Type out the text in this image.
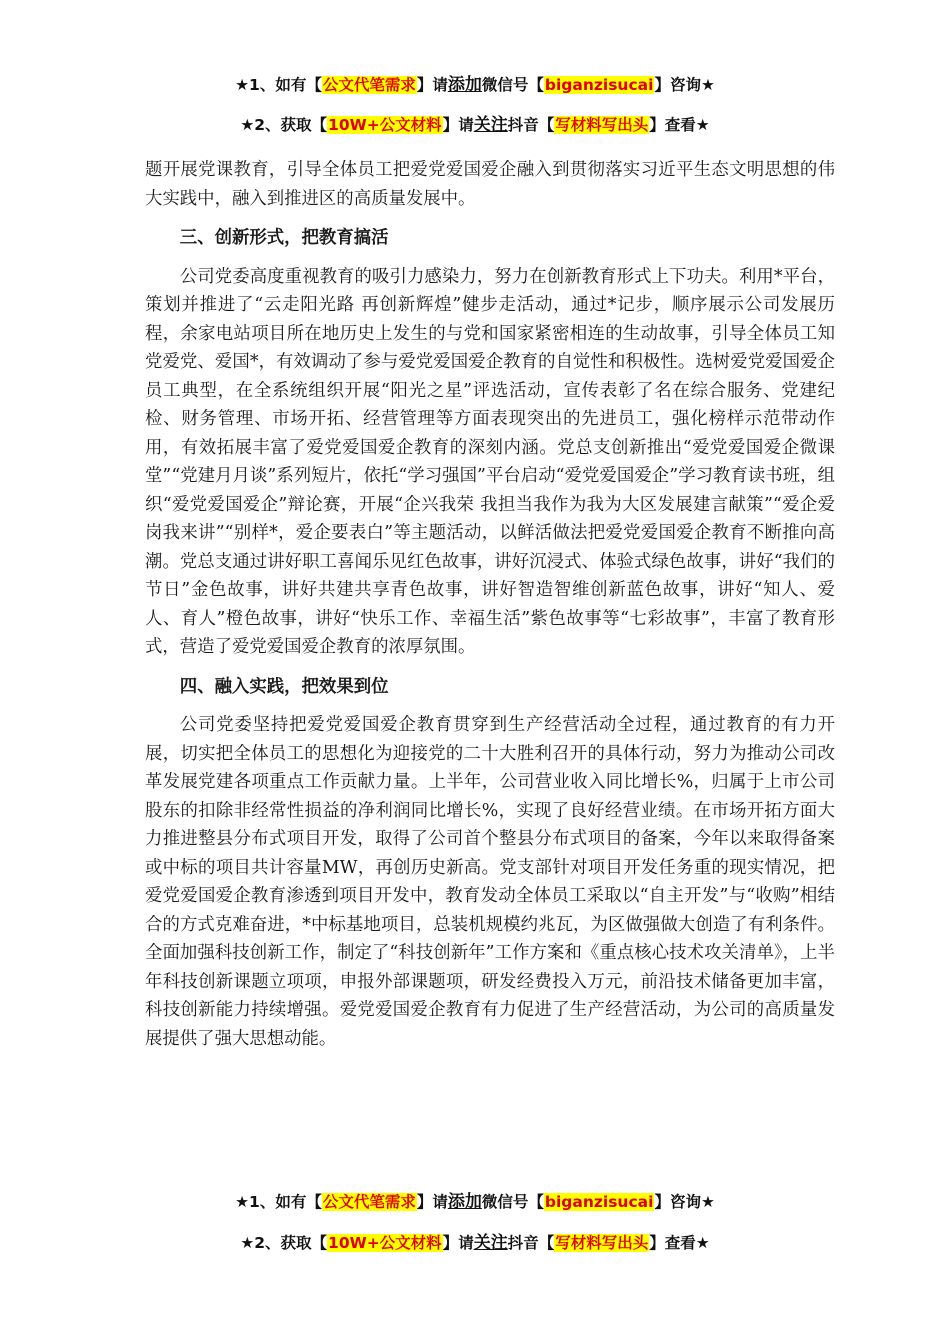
★1、如有【公文代笔需求】请添加微信号【biganzisucai】咨询★
★2、获取【10W+公文材料】请关注抖音【写材料写出头】查看★

题开展党课教育，引导全体员工把爱党爱国爱企融入到贯彻落实习近平生态文明思想的伟大实践中，融入到推进区的高质量发展中。

三、创新形式，把教育搞活

公司党委高度重视教育的吸引力感染力，努力在创新教育形式上下功夫。利用*平台，策划并推进了“云走阳光路 再创新辉煌”健步走活动，通过*记步，顺序展示公司发展历程，余家电站项目所在地历史上发生的与党和国家紧密相连的生动故事，引导全体员工知党爱党、爱国*，有效调动了参与爱党爱国爱企教育的自觉性和积极性。选树爱党爱国爱企员工典型，在全系统组织开展“阳光之星”评选活动，宣传表彰了名在综合服务、党建纪检、财务管理、市场开拓、经营管理等方面表现突出的先进员工，强化榜样示范带动作用，有效拓展丰富了爱党爱国爱企教育的深刻内涵。党总支创新推出“爱党爱国爱企微课堂”“党建月月谈”系列短片，依托“学习强国”平台启动“爱党爱国爱企”学习教育读书班，组织“爱党爱国爱企”辩论赛，开展“企兴我荣 我担当我作为我为大区发展建言献策”“爱企爱岗我来讲”“别样*，爱企要表白”等主题活动，以鲜活做法把爱党爱国爱企教育不断推向高潮。党总支通过讲好职工喜闻乐见红色故事，讲好沉浸式、体验式绿色故事，讲好“我们的节日”金色故事，讲好共建共享青色故事，讲好智造智维创新蓝色故事，讲好“知人、爱人、育人”橙色故事，讲好“快乐工作、幸福生活”紫色故事等“七彩故事”，丰富了教育形式，营造了爱党爱国爱企教育的浓厚氛围。

四、融入实践，把效果到位

公司党委坚持把爱党爱国爱企教育贯穿到生产经营活动全过程，通过教育的有力开展，切实把全体员工的思想化为迎接党的二十大胜利召开的具体行动，努力为推动公司改革发展党建各项重点工作贡献力量。上半年，公司营业收入同比增长%，归属于上市公司股东的扣除非经常性损益的净利润同比增长%，实现了良好经营业绩。在市场开拓方面大力推进整县分布式项目开发，取得了公司首个整县分布式项目的备案，今年以来取得备案或中标的项目共计容量MW，再创历史新高。党支部针对项目开发任务重的现实情况，把爱党爱国爱企教育渗透到项目开发中，教育发动全体员工采取以“自主开发”与“收购”相结合的方式克难奋进，*中标基地项目，总装机规模约兆瓦，为区做强做大创造了有利条件。全面加强科技创新工作，制定了“科技创新年”工作方案和《重点核心技术攻关清单》，上半年科技创新课题立项项，申报外部课题项，研发经费投入万元，前沿技术储备更加丰富，科技创新能力持续增强。爱党爱国爱企教育有力促进了生产经营活动，为公司的高质量发展提供了强大思想动能。

★1、如有【公文代笔需求】请添加微信号【biganzisucai】咨询★
★2、获取【10W+公文材料】请关注抖音【写材料写出头】查看★
